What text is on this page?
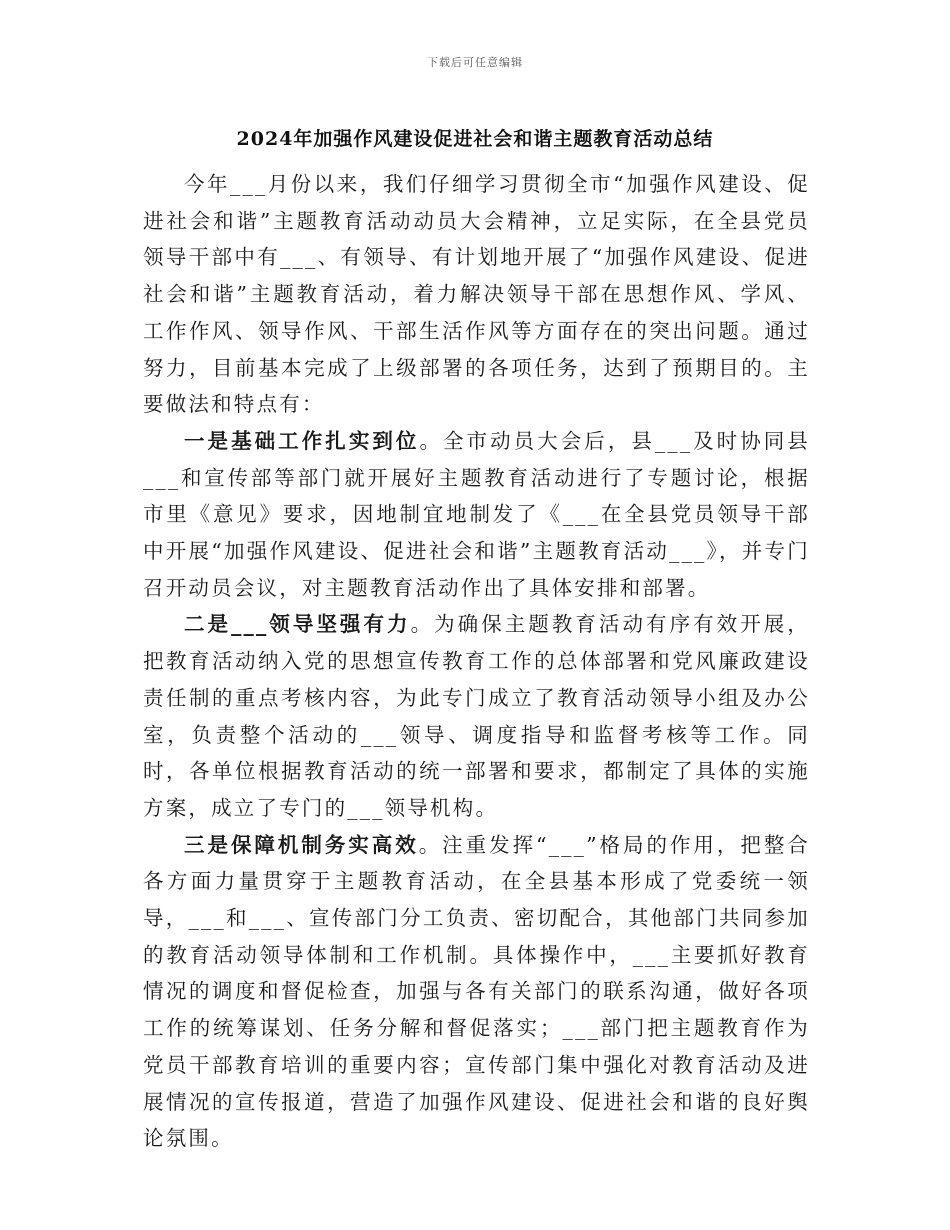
下载后可任意编辑
2024年加强作风建设促进社会和谐主题教育活动总结

今年___月份以来，我们仔细学习贯彻全市“加强作风建设、促进社会和谐”主题教育活动动员大会精神，立足实际，在全县党员领导干部中有___、有领导、有计划地开展了“加强作风建设、促进社会和谐”主题教育活动，着力解决领导干部在思想作风、学风、工作作风、领导作风、干部生活作风等方面存在的突出问题。通过努力，目前基本完成了上级部署的各项任务，达到了预期目的。主要做法和特点有：

一是基础工作扎实到位。全市动员大会后，县___及时协同县___和宣传部等部门就开展好主题教育活动进行了专题讨论，根据市里《意见》要求，因地制宜地制发了《___在全县党员领导干部中开展“加强作风建设、促进社会和谐”主题教育活动___》，并专门召开动员会议，对主题教育活动作出了具体安排和部署。

二是___领导坚强有力。为确保主题教育活动有序有效开展，把教育活动纳入党的思想宣传教育工作的总体部署和党风廉政建设责任制的重点考核内容，为此专门成立了教育活动领导小组及办公室，负责整个活动的___领导、调度指导和监督考核等工作。同时，各单位根据教育活动的统一部署和要求，都制定了具体的实施方案，成立了专门的___领导机构。

三是保障机制务实高效。注重发挥“___”格局的作用，把整合各方面力量贯穿于主题教育活动，在全县基本形成了党委统一领导，___和___、宣传部门分工负责、密切配合，其他部门共同参加的教育活动领导体制和工作机制。具体操作中，___主要抓好教育情况的调度和督促检查，加强与各有关部门的联系沟通，做好各项工作的统筹谋划、任务分解和督促落实；___部门把主题教育作为党员干部教育培训的重要内容；宣传部门集中强化对教育活动及进展情况的宣传报道，营造了加强作风建设、促进社会和谐的良好舆论氛围。
